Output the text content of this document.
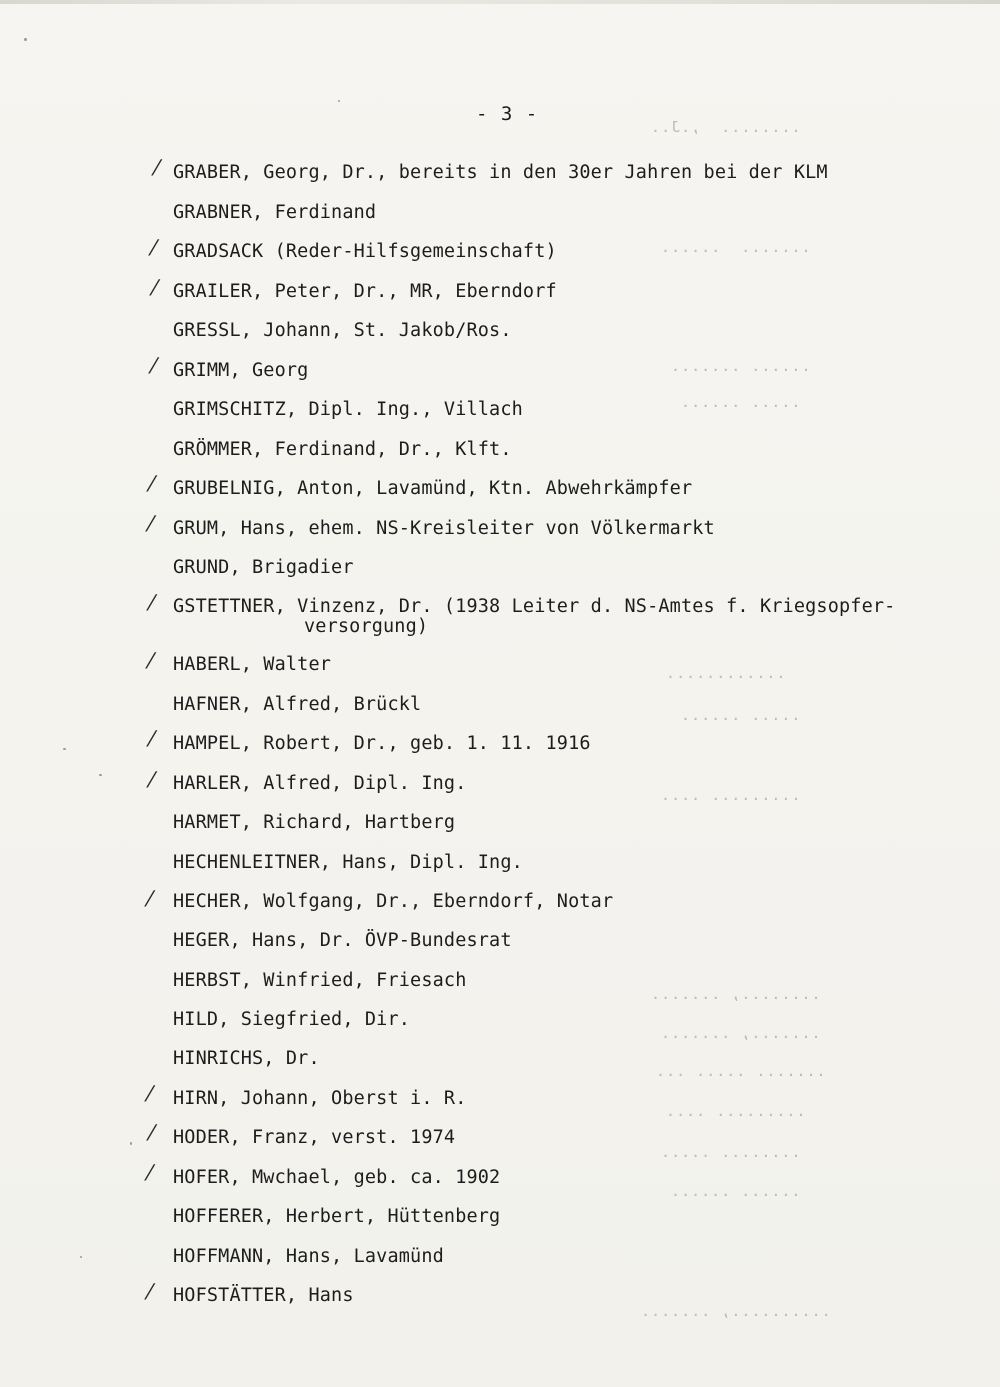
- 3 -
........  ,.J..
.......  ......
...... .......
..... ......
............
..... ......
......... ....
........, .......
......., .......
....... ..... ...
......... ....
........ .....
...... ......
.........., .......
GRABER, Georg, Dr., bereits in den 30er Jahren bei der KLM
GRABNER, Ferdinand
GRADSACK (Reder-Hilfsgemeinschaft)
GRAILER, Peter, Dr., MR, Eberndorf
GRESSL, Johann, St. Jakob/Ros.
GRIMM, Georg
GRIMSCHITZ, Dipl. Ing., Villach
GRÖMMER, Ferdinand, Dr., Klft.
GRUBELNIG, Anton, Lavamünd, Ktn. Abwehrkämpfer
GRUM, Hans, ehem. NS-Kreisleiter von Völkermarkt
GRUND, Brigadier
GSTETTNER, Vinzenz, Dr. (1938 Leiter d. NS-Amtes f. Kriegsopfer-
versorgung)
HABERL, Walter
HAFNER, Alfred, Brückl
HAMPEL, Robert, Dr., geb. 1. 11. 1916
HARLER, Alfred, Dipl. Ing.
HARMET, Richard, Hartberg
HECHENLEITNER, Hans, Dipl. Ing.
HECHER, Wolfgang, Dr., Eberndorf, Notar
HEGER, Hans, Dr. ÖVP-Bundesrat
HERBST, Winfried, Friesach
HILD, Siegfried, Dir.
HINRICHS, Dr.
HIRN, Johann, Oberst i. R.
HODER, Franz, verst. 1974
HOFER, Mwchael, geb. ca. 1902
HOFFERER, Herbert, Hüttenberg
HOFFMANN, Hans, Lavamünd
HOFSTÄTTER, Hans
⁄
⁄
⁄
⁄
⁄
⁄
⁄
⁄
⁄
⁄
⁄
⁄
⁄
⁄
⁄
